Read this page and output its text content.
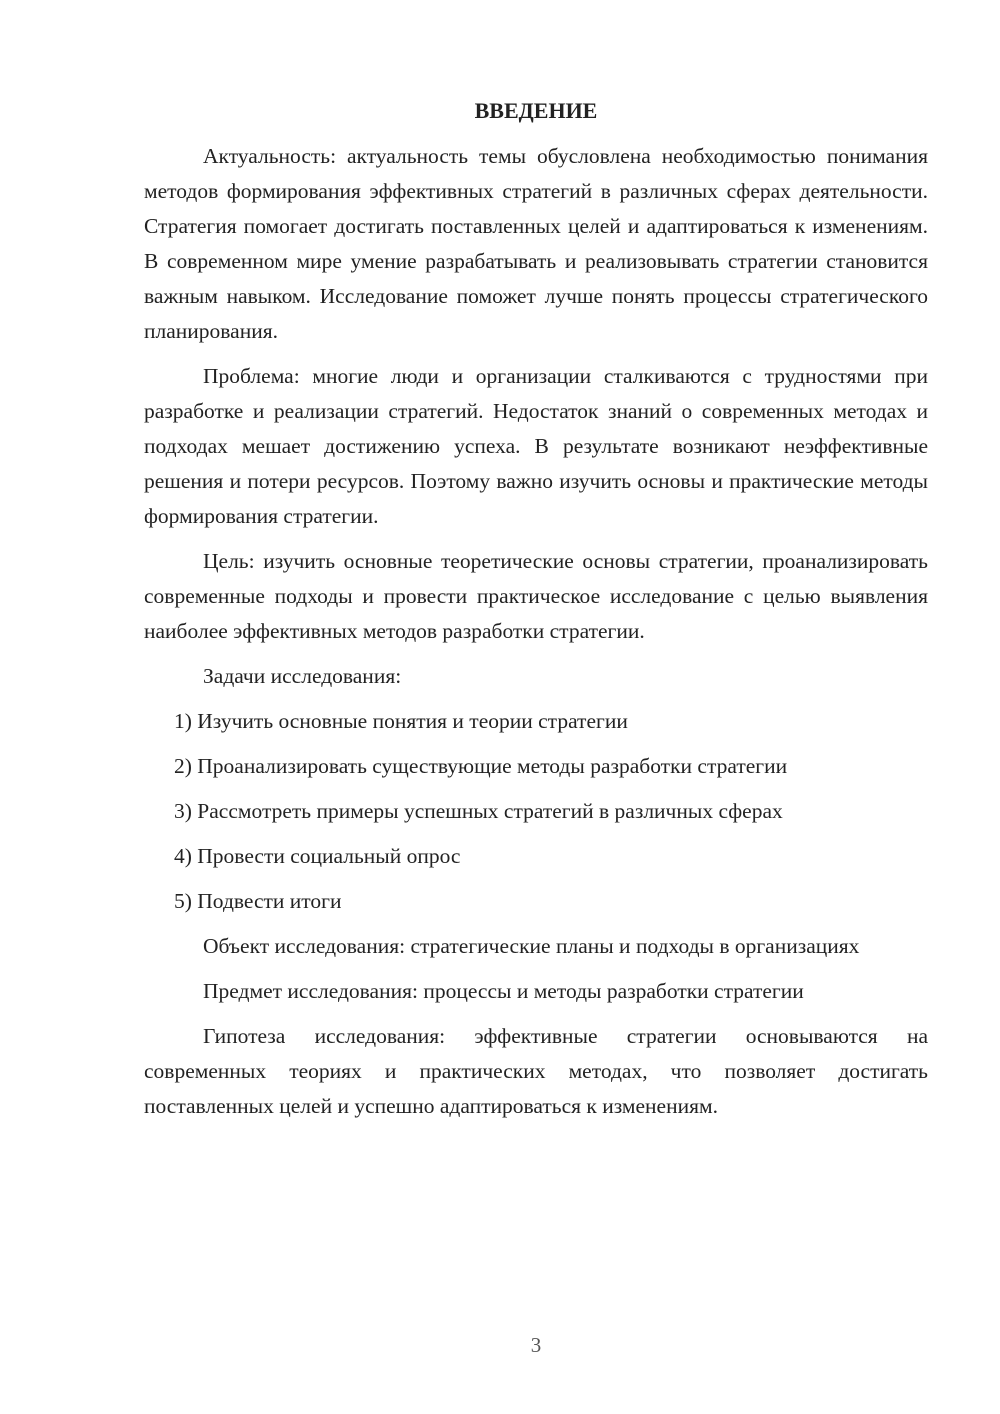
ВВЕДЕНИЕ

Актуальность: актуальность темы обусловлена необходимостью понимания методов формирования эффективных стратегий в различных сферах деятельности. Стратегия помогает достигать поставленных целей и адаптироваться к изменениям. В современном мире умение разрабатывать и реализовывать стратегии становится важным навыком. Исследование поможет лучше понять процессы стратегического планирования.

Проблема: многие люди и организации сталкиваются с трудностями при разработке и реализации стратегий. Недостаток знаний о современных методах и подходах мешает достижению успеха. В результате возникают неэффективные решения и потери ресурсов. Поэтому важно изучить основы и практические методы формирования стратегии.

Цель: изучить основные теоретические основы стратегии, проанализировать современные подходы и провести практическое исследование с целью выявления наиболее эффективных методов разработки стратегии.

Задачи исследования:

1) Изучить основные понятия и теории стратегии
2) Проанализировать существующие методы разработки стратегии
3) Рассмотреть примеры успешных стратегий в различных сферах
4) Провести социальный опрос
5) Подвести итоги

Объект исследования: стратегические планы и подходы в организациях

Предмет исследования: процессы и методы разработки стратегии

Гипотеза исследования: эффективные стратегии основываются на современных теориях и практических методах, что позволяет достигать поставленных целей и успешно адаптироваться к изменениям.

3
